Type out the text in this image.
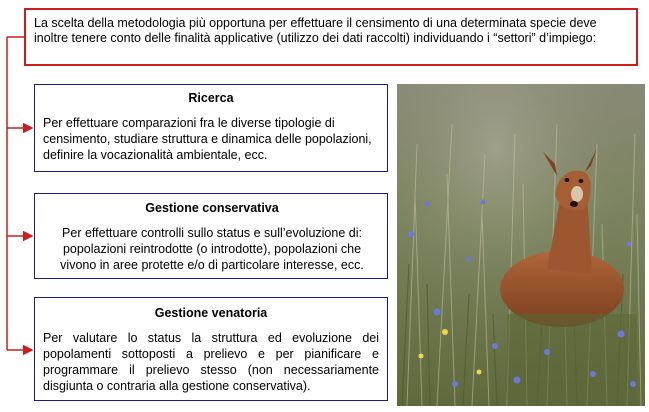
La scelta della metodologia più opportuna per effettuare il censimento di una determinata specie deve inoltre tenere conto delle finalità applicative (utilizzo dei dati raccolti) individuando i “settori” d’impiego:
Ricerca

Per effettuare comparazioni fra le diverse tipologie di censimento, studiare struttura e dinamica delle popolazioni, definire la vocazionalità ambientale, ecc.

Gestione conservativa

Per effettuare controlli sullo status e sull’evoluzione di: popolazioni reintrodotte (o introdotte), popolazioni che vivono in aree protette e/o di particolare interesse, ecc.

Gestione venatoria

Per valutare lo status la struttura ed evoluzione dei popolamenti sottoposti a prelievo e per pianificare e programmare il prelievo stesso (non necessariamente disgiunta o contraria alla gestione conservativa).
